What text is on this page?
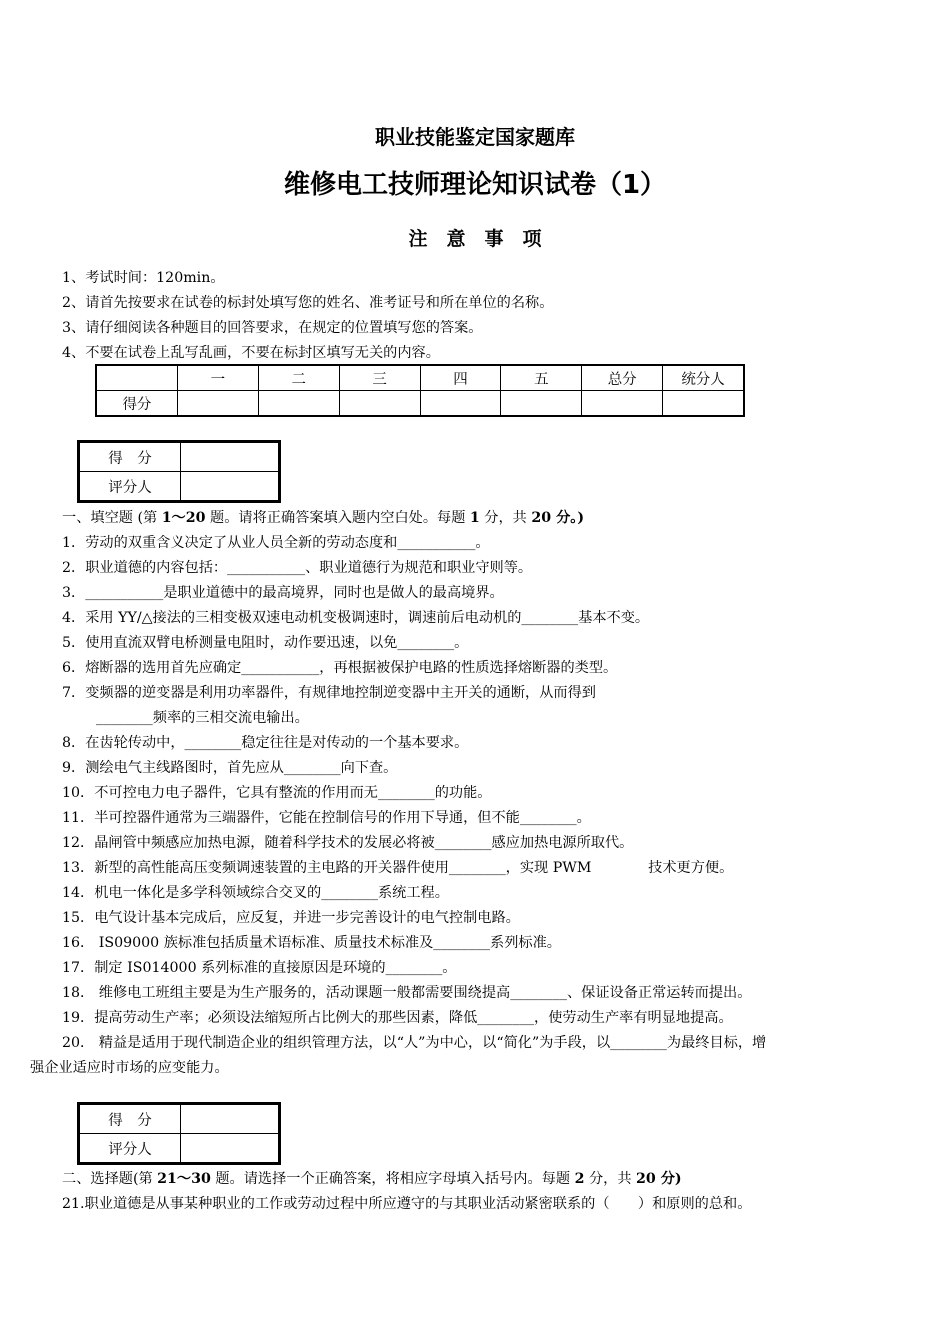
职业技能鉴定国家题库
维修电工技师理论知识试卷（1）
注　意　事　项
1、考试时间：120min。
2、请首先按要求在试卷的标封处填写您的姓名、准考证号和所在单位的名称。
3、请仔细阅读各种题目的回答要求，在规定的位置填写您的答案。
4、不要在试卷上乱写乱画，不要在标封区填写无关的内容。
	一	二	三	四	五	总分	统分人
得分							
得　分	
评分人	
一、填空题 (第 1～20 题。请将正确答案填入题内空白处。每题 1 分，共 20 分。)
1．劳动的双重含义决定了从业人员全新的劳动态度和___________。
2．职业道德的内容包括：___________、职业道德行为规范和职业守则等。
3．___________是职业道德中的最高境界，同时也是做人的最高境界。
4．采用 YY/△接法的三相变极双速电动机变极调速时，调速前后电动机的________基本不变。
5．使用直流双臂电桥测量电阻时，动作要迅速，以免________。
6．熔断器的选用首先应确定___________，再根据被保护电路的性质选择熔断器的类型。
7．变频器的逆变器是利用功率器件，有规律地控制逆变器中主开关的通断，从而得到
________频率的三相交流电输出。
8．在齿轮传动中，________稳定往往是对传动的一个基本要求。
9．测绘电气主线路图时，首先应从________向下查。
10．不可控电力电子器件，它具有整流的作用而无________的功能。
11．半可控器件通常为三端器件，它能在控制信号的作用下导通，但不能________。
12．晶闸管中频感应加热电源，随着科学技术的发展必将被________感应加热电源所取代。
13．新型的高性能高压变频调速装置的主电路的开关器件使用________，实现 PWM　　　　技术更方便。
14．机电一体化是多学科领域综合交叉的________系统工程。
15．电气设计基本完成后，应反复，并进一步完善设计的电气控制电路。
16． IS09000 族标准包括质量术语标准、质量技术标准及________系列标准。
17．制定 IS014000 系列标准的直接原因是环境的________。
18． 维修电工班组主要是为生产服务的，活动课题一般都需要围绕提高________、保证设备正常运转而提出。
19．提高劳动生产率；必须设法缩短所占比例大的那些因素，降低________，使劳动生产率有明显地提高。
20． 精益是适用于现代制造企业的组织管理方法，以“人”为中心，以“简化”为手段，以________为最终目标，增
强企业适应时市场的应变能力。
得　分	
评分人	
二、选择题(第 21～30 题。请选择一个正确答案，将相应字母填入括号内。每题 2 分，共 20 分)
21.职业道德是从事某种职业的工作或劳动过程中所应遵守的与其职业活动紧密联系的（　　）和原则的总和。
